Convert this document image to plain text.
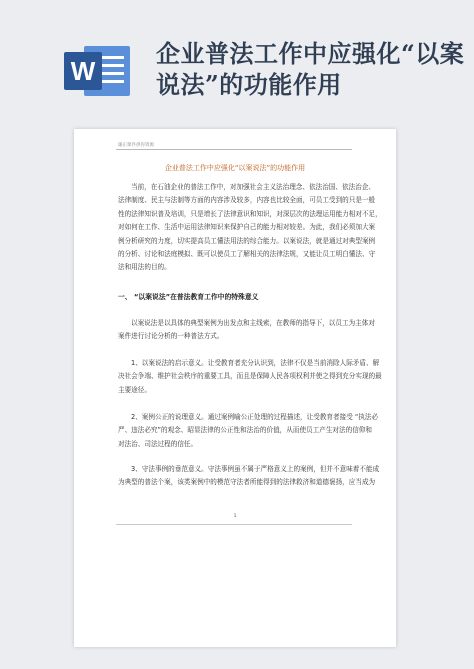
W
企业普法工作中应强化“以案
说法”的功能作用
廉正课件供你资源
企业普法工作中应强化“以案说法”的功能作用
当前，在石油企业的普法工作中，对加强社会主义法治理念、依法治国、依法治企、
法律制度、民主与法制等方面的内容涉及较多，内容也比较全面，可员工受到的只是一般
性的法律知识普及培训，只是增长了法律意识和知识，对深层次的法理运用能力相对不足，
对如何在工作、生活中运用法律知识来保护自己的能力相对较差。为此，我们必须加大案
例分析研究的力度，切实提高员工懂法用法的综合能力。以案说法，就是通过对典型案例
的分析、讨论和法庭模拟、既可以使员工了解相关的法律法规，又能让员工明白懂法、守
法和用法的目的。
一、 “以案说法”在普法教育工作中的特殊意义
以案说法是以具体的典型案例为出发点和主线索，在教师的指导下，以员工为主体对
案件进行讨论分析的一种普法方式。
1、以案说法的启示意义。让受教育者充分认识到，法律不仅是当前消除人际矛盾、解
决社会争端、维护社会秩序的重要工具，而且是保障人民各项权利并使之得到充分实现的最
主要途径。
2、案例公正的说理意义。通过案例喻公正处理的过程描述，让受教育者接受 “执法必
严、违法必究”的观念、昭显法律的公正性和法治的价值，从而使员工产生对法的信仰和
对法治、司法过程的信任。
3、守法事例的垂范意义。守法事例虽不属于严格意义上的案例，但并不意味着不能成
为典型的普法个案，该类案例中的模范守法者所能得到的法律救济和道德褒扬，应当成为
1
